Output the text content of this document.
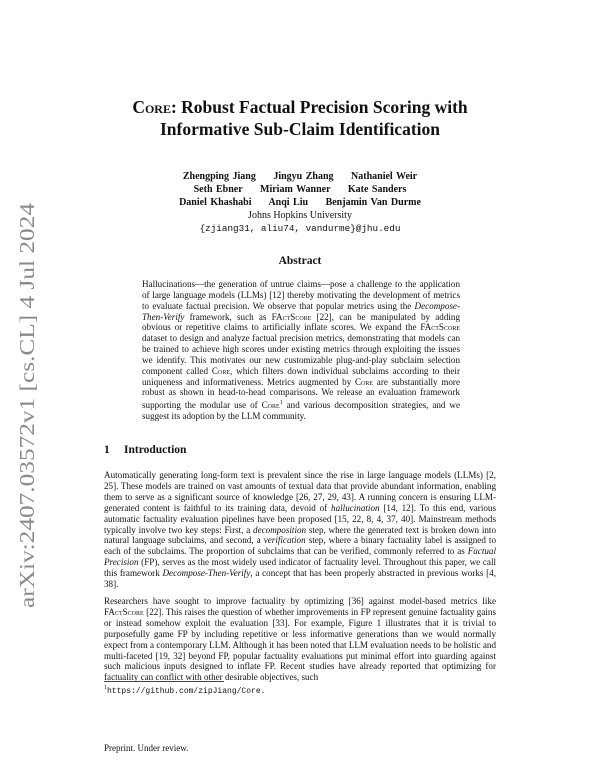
arXiv:2407.03572v1 [cs.CL] 4 Jul 2024
Core: Robust Factual Precision Scoring with
Informative Sub-Claim Identification
Zhengping Jiang     Jingyu Zhang     Nathaniel Weir
Seth Ebner     Miriam Wanner     Kate Sanders
Daniel Khashabi     Anqi Liu     Benjamin Van Durme
Johns Hopkins University
{zjiang31, aliu74, vandurme}@jhu.edu
Abstract
Hallucinations—the generation of untrue claims—pose a challenge to the application of large language models (LLMs) [12] thereby motivating the development of metrics to evaluate factual precision. We observe that popular metrics using the Decompose-Then-Verify framework, such as FActScore [22], can be manipulated by adding obvious or repetitive claims to artificially inflate scores. We expand the FActScore dataset to design and analyze factual precision metrics, demonstrating that models can be trained to achieve high scores under existing metrics through exploiting the issues we identify. This motivates our new customizable plug-and-play subclaim selection component called Core, which filters down individual subclaims according to their uniqueness and informativeness. Metrics augmented by Core are substantially more robust as shown in head-to-head comparisons. We release an evaluation framework supporting the modular use of Core$^1$ and various decomposition strategies, and we suggest its adoption by the LLM community.
1 Introduction

Automatically generating long-form text is prevalent since the rise in large language models (LLMs) [2, 25]. These models are trained on vast amounts of textual data that provide abundant information, enabling them to serve as a significant source of knowledge [26, 27, 29, 43]. A running concern is ensuring LLM-generated content is faithful to its training data, devoid of hallucination [14, 12]. To this end, various automatic factuality evaluation pipelines have been proposed [15, 22, 8, 4, 37, 40]. Mainstream methods typically involve two key steps: First, a decomposition step, where the generated text is broken down into natural language subclaims, and second, a verification step, where a binary factuality label is assigned to each of the subclaims. The proportion of subclaims that can be verified, commonly referred to as Factual Precision (FP), serves as the most widely used indicator of factuality level. Throughout this paper, we call this framework Decompose-Then-Verify, a concept that has been properly abstracted in previous works [4, 38].

Researchers have sought to improve factuality by optimizing [36] against model-based metrics like FActScore [22]. This raises the question of whether improvements in FP represent genuine factuality gains or instead somehow exploit the evaluation [33]. For example, Figure 1 illustrates that it is trivial to purposefully game FP by including repetitive or less informative generations than we would normally expect from a contemporary LLM. Although it has been noted that LLM evaluation needs to be holistic and multi-faceted [19, 32] beyond FP, popular factuality evaluations put minimal effort into guarding against such malicious inputs designed to inflate FP. Recent studies have already reported that optimizing for factuality can conflict with other desirable objectives, such

$^1$https://github.com/zipJiang/Core.
Preprint. Under review.
